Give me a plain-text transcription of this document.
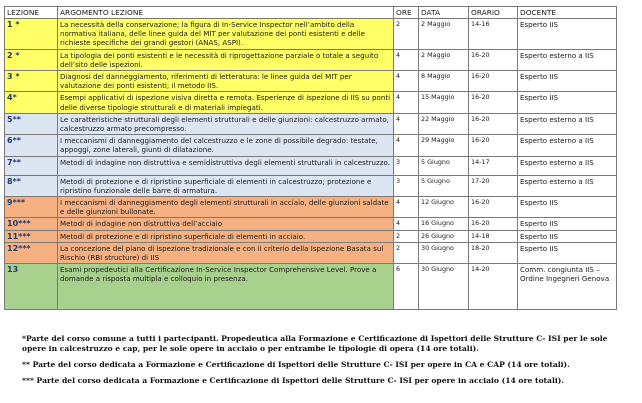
LEZIONE	ARGOMENTO LEZIONE	ORE	DATA	ORARIO	DOCENTE
1 *	La necessità della conservazione; la figura di In-Service Inspector nell’ambito della normativa italiana, delle linee guida del MIT per valutazione dei ponti esistenti e delle richieste specifiche dei grandi gestori (ANAS, ASPI).	2	2 Maggio	14-16	Esperto IIS
2 *	La tipologia dei ponti esistenti e le necessità di riprogettazione parziale o totale a seguito dell’sito delle ispezioni.	4	2 Maggio	16-20	Esperto esterno a IIS
3 *	Diagnosi del danneggiamento, riferimenti di letteratura: le linee guida del MIT per valutazione dei ponti esistenti; il metodo IIS.	4	8 Maggio	16-20	Esperto IIS
4*	Esempi applicativi di ispezione visiva diretta e remota. Esperienze di ispezione di IIS su ponti delle diverse tipologie strutturali e di materiali impiegati.	4	15 Maggio	16-20	Esperto IIS
5**	Le caratteristiche strutturali degli elementi strutturali e delle giunzioni: calcestruzzo armato, calcestruzzo armato precompresso.	4	22 Maggio	16-20	Esperto esterno a IIS
6**	I meccanismi di danneggiamento del calcestruzzo e le zone di possibile degrado: testate, appoggi, zone laterali, giunti di dilatazione.	4	29 Maggio	16-20	Esperto esterno a IIS
7**	Metodi di indagine non distruttiva e semidistruttiva degli elementi strutturali in calcestruzzo.	3	5 Giugno	14-17	Esperto esterno a IIS
8**	Metodi di protezione e di ripristino superficiale di elementi in calcestruzzo; protezione e ripristino funzionale delle barre di armatura.	3	5 Giugno	17-20	Esperto esterno a IIS
9***	I meccanismi di danneggiamento degli elementi strutturali in acciaio, delle giunzioni saldate e delle giunzioni bullonate.	4	12 Giugno	16-20	Esperto IIS
10***	Metodi di indagine non distruttiva dell’acciaio	4	16 Giugno	16-20	Esperto IIS
11***	Metodi di protezione e di ripristino superficiale di elementi in acciaio.	2	26 Giugno	14-18	Esperto IIS
12***	La concezione del piano di ispezione tradizionale e con il criterio della Ispezione Basata sul Rischio (RBI structure) di IIS	2	30 Giugno	18-20	Esperto IIS
13	Esami propedeutici alla Certificazione In-Service Inspector Comprehensive Level. Prove a domande a risposta multipla e colloquio in presenza.	6	30 Giugno	14-20	Comm. congiunta IIS – Ordine Ingegneri Genova

*Parte del corso comune a tutti i partecipanti. Propedeutica alla Formazione e Certificazione di Ispettori delle Strutture C- ISI per le sole opere in calcestruzzo e cap, per le sole opere in acciaio o per entrambe le tipologie di opera (14 ore totali).

** Parte del corso dedicata a Formazione e Certificazione di Ispettori delle Strutture C- ISI per opere in CA e CAP (14 ore totali).

*** Parte del corso dedicata a Formazione e Certificazione di Ispettori delle Strutture C- ISI per opere in acciaio (14 ore totali).
